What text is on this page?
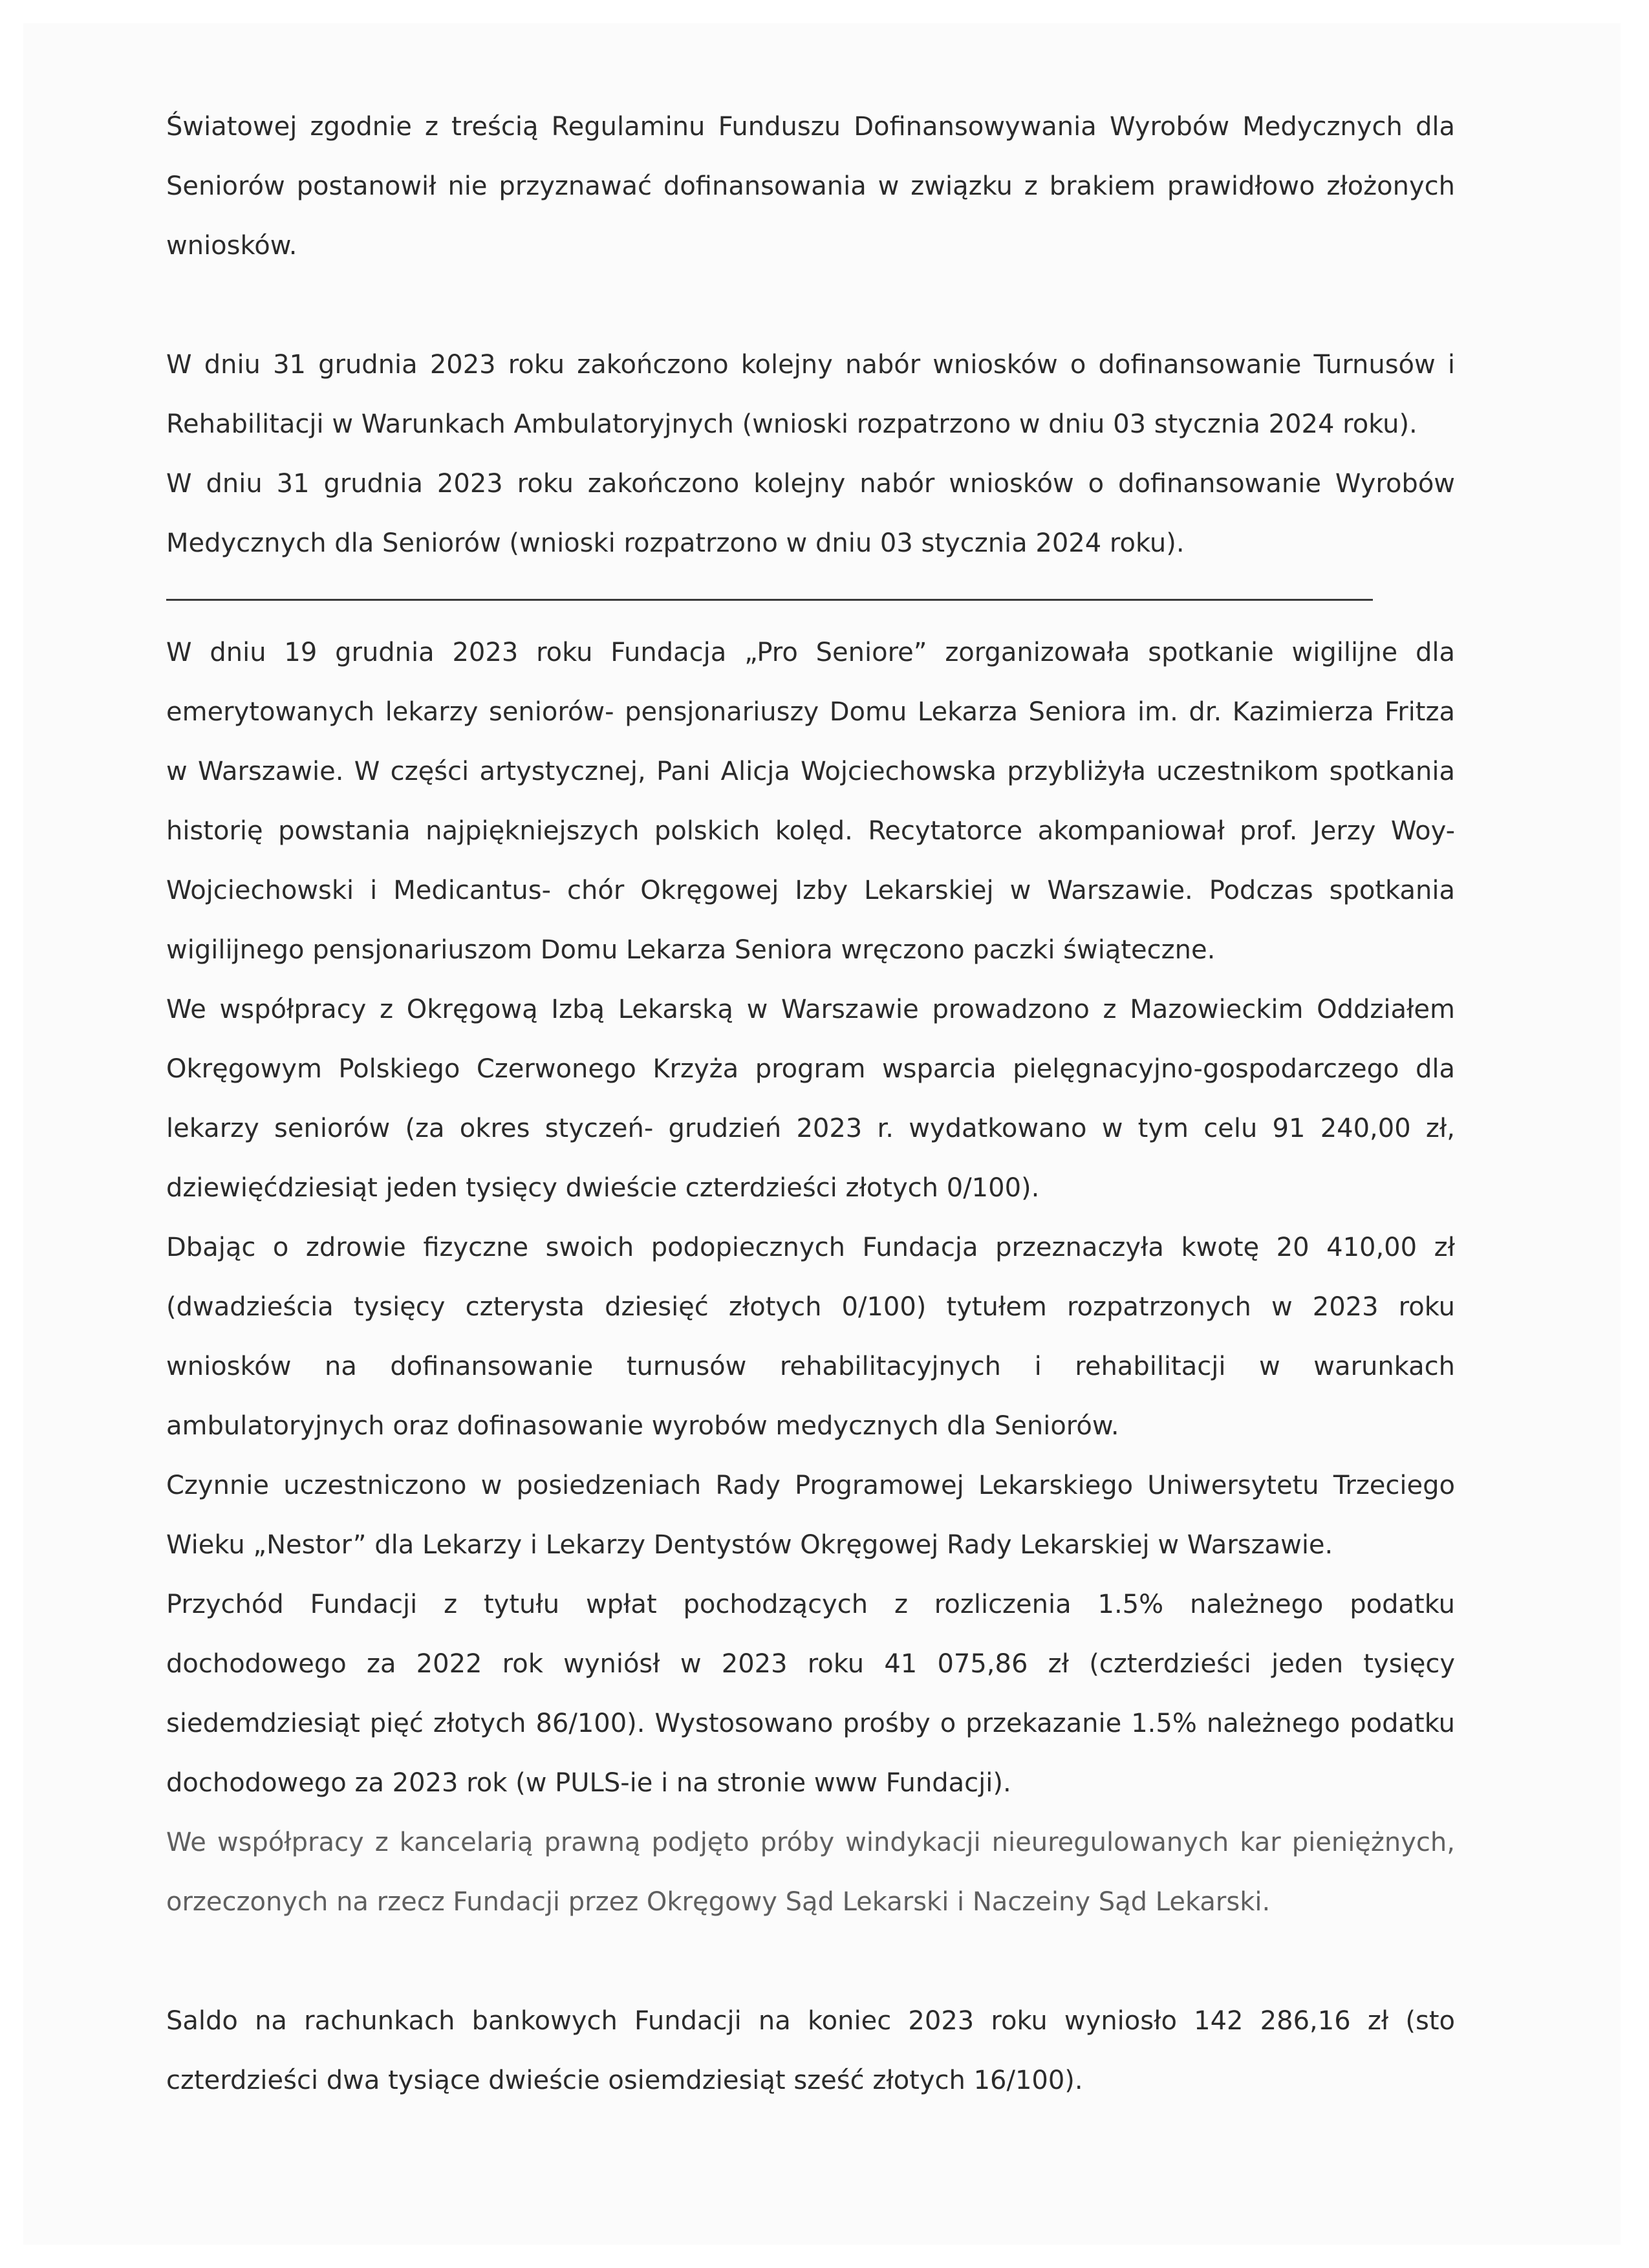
Światowej zgodnie z treścią Regulaminu Funduszu Dofinansowywania Wyrobów Medycznych dla Seniorów postanowił nie przyznawać dofinansowania w związku z brakiem prawidłowo złożonych wniosków.

W dniu 31 grudnia 2023 roku zakończono kolejny nabór wniosków o dofinansowanie Turnusów i Rehabilitacji w Warunkach Ambulatoryjnych (wnioski rozpatrzono w dniu 03 stycznia 2024 roku).

W dniu 31 grudnia 2023 roku zakończono kolejny nabór wniosków o dofinansowanie Wyrobów Medycznych dla Seniorów (wnioski rozpatrzono w dniu 03 stycznia 2024 roku).

W dniu 19 grudnia 2023 roku Fundacja „Pro Seniore” zorganizowała spotkanie wigilijne dla emerytowanych lekarzy seniorów- pensjonariuszy Domu Lekarza Seniora im. dr. Kazimierza Fritza w Warszawie. W części artystycznej, Pani Alicja Wojciechowska przybliżyła uczestnikom spotkania historię powstania najpiękniejszych polskich kolęd. Recytatorce akompaniował prof. Jerzy Woy-Wojciechowski i Medicantus- chór Okręgowej Izby Lekarskiej w Warszawie. Podczas spotkania wigilijnego pensjonariuszom Domu Lekarza Seniora wręczono paczki świąteczne.

We współpracy z Okręgową Izbą Lekarską w Warszawie prowadzono z Mazowieckim Oddziałem Okręgowym Polskiego Czerwonego Krzyża program wsparcia pielęgnacyjno-gospodarczego dla lekarzy seniorów (za okres styczeń- grudzień 2023 r. wydatkowano w tym celu 91 240,00 zł, dziewięćdziesiąt jeden tysięcy dwieście czterdzieści złotych 0/100).

Dbając o zdrowie fizyczne swoich podopiecznych Fundacja przeznaczyła kwotę 20 410,00 zł (dwadzieścia tysięcy czterysta dziesięć złotych 0/100) tytułem rozpatrzonych w 2023 roku wniosków na dofinansowanie turnusów rehabilitacyjnych i rehabilitacji w warunkach ambulatoryjnych oraz dofinasowanie wyrobów medycznych dla Seniorów.

Czynnie uczestniczono w posiedzeniach Rady Programowej Lekarskiego Uniwersytetu Trzeciego Wieku „Nestor” dla Lekarzy i Lekarzy Dentystów Okręgowej Rady Lekarskiej w Warszawie.

Przychód Fundacji z tytułu wpłat pochodzących z rozliczenia 1.5% należnego podatku dochodowego za 2022 rok wyniósł w 2023 roku 41 075,86 zł (czterdzieści jeden tysięcy siedemdziesiąt pięć złotych 86/100). Wystosowano prośby o przekazanie 1.5% należnego podatku dochodowego za 2023 rok (w PULS-ie i na stronie www Fundacji).

We współpracy z kancelarią prawną podjęto próby windykacji nieuregulowanych kar pieniężnych, orzeczonych na rzecz Fundacji przez Okręgowy Sąd Lekarski i Naczeiny Sąd Lekarski.

Saldo na rachunkach bankowych Fundacji na koniec 2023 roku wyniosło 142 286,16 zł (sto czterdzieści dwa tysiące dwieście osiemdziesiąt sześć złotych 16/100).
